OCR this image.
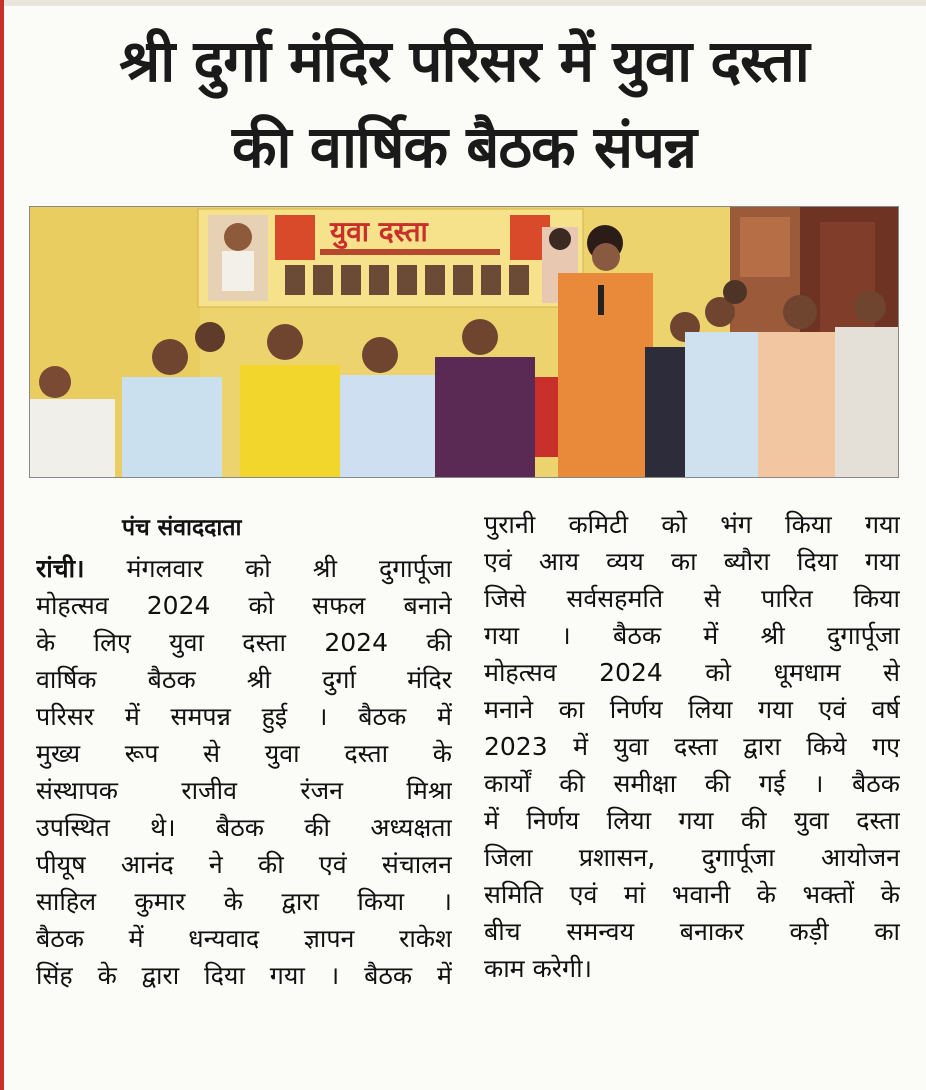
श्री दुर्गा मंदिर परिसर में युवा दस्ता
की वार्षिक बैठक संपन्न
युवा दस्ता

पंच संवाददाता

रांची। मंगलवार को श्री दुगार्पूजा
मोहत्सव 2024 को सफल बनाने
के लिए युवा दस्ता 2024 की
वार्षिक बैठक श्री दुर्गा मंदिर
परिसर में समपन्न हुई । बैठक में
मुख्य रूप से युवा दस्ता के
संस्थापक राजीव रंजन मिश्रा
उपस्थित थे। बैठक की अध्यक्षता
पीयूष आनंद ने की एवं संचालन
साहिल कुमार के द्वारा किया ।
बैठक में धन्यवाद ज्ञापन राकेश
सिंह के द्वारा दिया गया । बैठक में
पुरानी कमिटी को भंग किया गया
एवं आय व्यय का ब्यौरा दिया गया
जिसे सर्वसहमति से पारित किया
गया । बैठक में श्री दुगार्पूजा
मोहत्सव 2024 को धूमधाम से
मनाने का निर्णय लिया गया एवं वर्ष
2023 में युवा दस्ता द्वारा किये गए
कार्यों की समीक्षा की गई । बैठक
में निर्णय लिया गया की युवा दस्ता
जिला प्रशासन, दुगार्पूजा आयोजन
समिति एवं मां भवानी के भक्तों के
बीच समन्वय बनाकर कड़ी का
काम करेगी।
